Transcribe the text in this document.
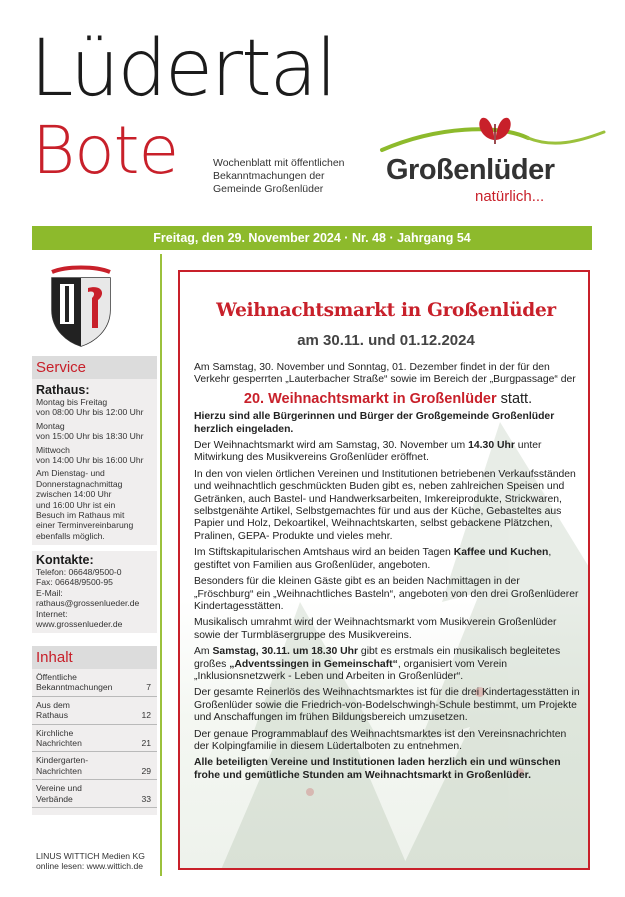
Lüdertal
Bote	Wochenblatt mit öffentlichen
Bekanntmachungen der
Gemeinde Großenlüder
Großenlüder
natürlich...
Freitag, den 29. November 2024 · Nr. 48 · Jahrgang 54
Service
Rathaus:
Montag bis Freitag
von 08:00 Uhr bis 12:00 Uhr
Montag
von 15:00 Uhr bis 18:30 Uhr
Mittwoch
von 14:00 Uhr bis 16:00 Uhr
Am Dienstag- und
Donnerstagnachmittag
zwischen 14:00 Uhr
und 16:00 Uhr ist ein
Besuch im Rathaus mit
einer Terminvereinbarung
ebenfalls möglich.
Kontakte:
Telefon: 06648/9500-0
Fax: 06648/9500-95
E-Mail:
rathaus@grossenlueder.de
Internet:
www.grossenlueder.de
Inhalt
Öffentliche
Bekanntmachungen	7
Aus dem
Rathaus	12
Kirchliche
Nachrichten	21
Kindergarten-
Nachrichten	29
Vereine und
Verbände	33
LINUS WITTICH Medien KG
online lesen: www.wittich.de
Weihnachtsmarkt in Großenlüder
am 30.11. und 01.12.2024

Am Samstag, 30. November und Sonntag, 01. Dezember findet in der für den Verkehr gesperrten „Lauterbacher Straße“ sowie im Bereich der „Burgpassage“ der

20. Weihnachtsmarkt in Großenlüder statt.

Hierzu sind alle Bürgerinnen und Bürger der Großgemeinde Großenlüder herzlich eingeladen.

Der Weihnachtsmarkt wird am Samstag, 30. November um 14.30 Uhr unter Mitwirkung des Musikvereins Großenlüder eröffnet.

In den von vielen örtlichen Vereinen und Institutionen betriebenen Verkaufsständen und weihnachtlich geschmückten Buden gibt es, neben zahlreichen Speisen und Getränken, auch Bastel- und Handwerksarbeiten, Imkereiprodukte, Strickwaren, selbstgenähte Artikel, Selbstgemachtes für und aus der Küche, Gebasteltes aus Papier und Holz, Dekoartikel, Weihnachtskarten, selbst gebackene Plätzchen, Pralinen, GEPA- Produkte und vieles mehr.

Im Stiftskapitularischen Amtshaus wird an beiden Tagen Kaffee und Kuchen, gestiftet von Familien aus Großenlüder, angeboten.

Besonders für die kleinen Gäste gibt es an beiden Nachmittagen in der „Fröschburg“ ein „Weihnachtliches Basteln“, angeboten von den drei Großenlüderer Kindertagesstätten.

Musikalisch umrahmt wird der Weihnachtsmarkt vom Musikverein Großenlüder sowie der Turmbläsergruppe des Musikvereins.

Am Samstag, 30.11. um 18.30 Uhr gibt es erstmals ein musikalisch begleitetes großes „Adventssingen in Gemeinschaft“, organisiert vom Verein „Inklusionsnetzwerk - Leben und Arbeiten in Großenlüder“.

Der gesamte Reinerlös des Weihnachtsmarktes ist für die drei Kindertagesstätten in Großenlüder sowie die Friedrich-von-Bodelschwingh-Schule bestimmt, um Projekte und Anschaffungen im frühen Bildungsbereich umzusetzen.

Der genaue Programmablauf des Weihnachtsmarktes ist den Vereinsnachrichten der Kolpingfamilie in diesem Lüdertalboten zu entnehmen.

Alle beteiligten Vereine und Institutionen laden herzlich ein und wünschen frohe und gemütliche Stunden am Weihnachtsmarkt in Großenlüder.
